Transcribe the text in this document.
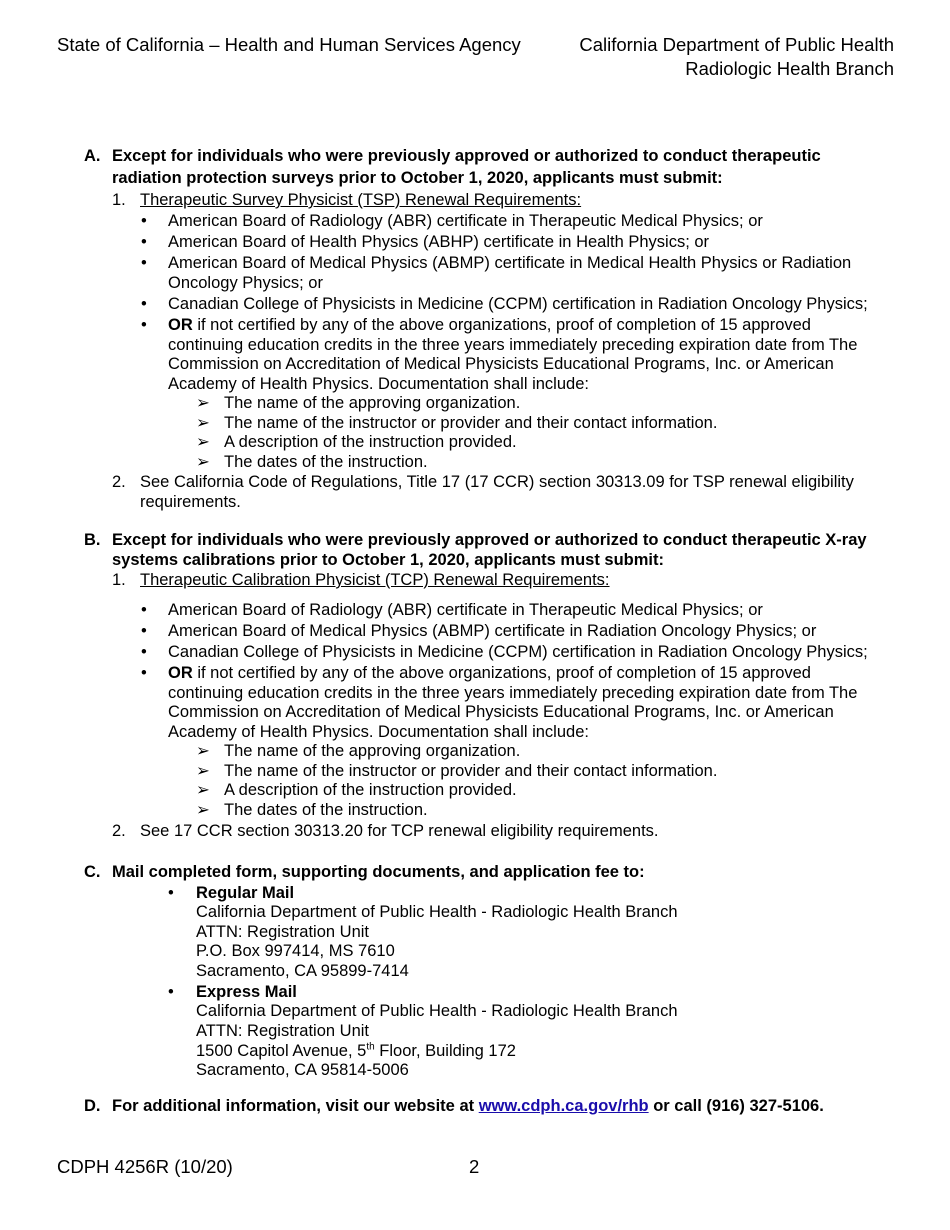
State of California – Health and Human Services Agency	California Department of Public Health
Radiologic Health Branch
A. Except for individuals who were previously approved or authorized to conduct therapeutic
radiation protection surveys prior to October 1, 2020, applicants must submit:
1. Therapeutic Survey Physicist (TSP) Renewal Requirements:
• American Board of Radiology (ABR) certificate in Therapeutic Medical Physics; or
• American Board of Health Physics (ABHP) certificate in Health Physics; or
• American Board of Medical Physics (ABMP) certificate in Medical Health Physics or Radiation
Oncology Physics; or
• Canadian College of Physicists in Medicine (CCPM) certification in Radiation Oncology Physics;
• OR if not certified by any of the above organizations, proof of completion of 15 approved
continuing education credits in the three years immediately preceding expiration date from The
Commission on Accreditation of Medical Physicists Educational Programs, Inc. or American
Academy of Health Physics. Documentation shall include:
➢ The name of the approving organization.
➢ The name of the instructor or provider and their contact information.
➢ A description of the instruction provided.
➢ The dates of the instruction.
2. See California Code of Regulations, Title 17 (17 CCR) section 30313.09 for TSP renewal eligibility
requirements.
B. Except for individuals who were previously approved or authorized to conduct therapeutic X-ray
systems calibrations prior to October 1, 2020, applicants must submit:
1. Therapeutic Calibration Physicist (TCP) Renewal Requirements:
• American Board of Radiology (ABR) certificate in Therapeutic Medical Physics; or
• American Board of Medical Physics (ABMP) certificate in Radiation Oncology Physics; or
• Canadian College of Physicists in Medicine (CCPM) certification in Radiation Oncology Physics;
• OR if not certified by any of the above organizations, proof of completion of 15 approved
continuing education credits in the three years immediately preceding expiration date from The
Commission on Accreditation of Medical Physicists Educational Programs, Inc. or American
Academy of Health Physics. Documentation shall include:
➢ The name of the approving organization.
➢ The name of the instructor or provider and their contact information.
➢ A description of the instruction provided.
➢ The dates of the instruction.
2. See 17 CCR section 30313.20 for TCP renewal eligibility requirements.
C. Mail completed form, supporting documents, and application fee to:
• Regular Mail
California Department of Public Health - Radiologic Health Branch
ATTN: Registration Unit
P.O. Box 997414, MS 7610
Sacramento, CA 95899-7414
• Express Mail
California Department of Public Health - Radiologic Health Branch
ATTN: Registration Unit
1500 Capitol Avenue, 5th Floor, Building 172
Sacramento, CA 95814-5006
D. For additional information, visit our website at www.cdph.ca.gov/rhb or call (916) 327-5106.
CDPH 4256R (10/20)	2
